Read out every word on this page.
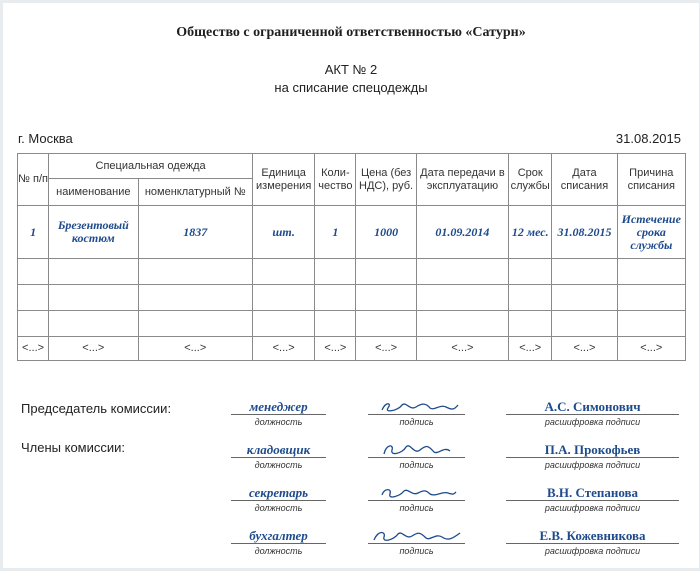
Общество с ограниченной ответственностью «Сатурн»
АКТ № 2
на списание спецодежды
г. Москва	31.08.2015
№ п/п	Специальная одежда		Единица измерения	Коли- чество	Цена (без НДС), руб.	Дата передачи в эксплуатацию	Срок службы	Дата списания	Причина списания
	наименование	номенклатурный №							
1	Брезентовый костюм	1837	шт.	1	1000	01.09.2014	12 мес.	31.08.2015	Истечение срока службы

<...>	<...>	<...>	<...>	<...>	<...>	<...>	<...>	<...>	<...>
Председатель комиссии:
Члены комиссии:
менеджер
должность	подпись
А.С. Симонович
расшифровка подписи
кладовщик
должность	подпись
П.А. Прокофьев
расшифровка подписи
секретарь
должность	подпись
В.Н. Степанова
расшифровка подписи
бухгалтер
должность	подпись
Е.В. Кожевникова
расшифровка подписи
